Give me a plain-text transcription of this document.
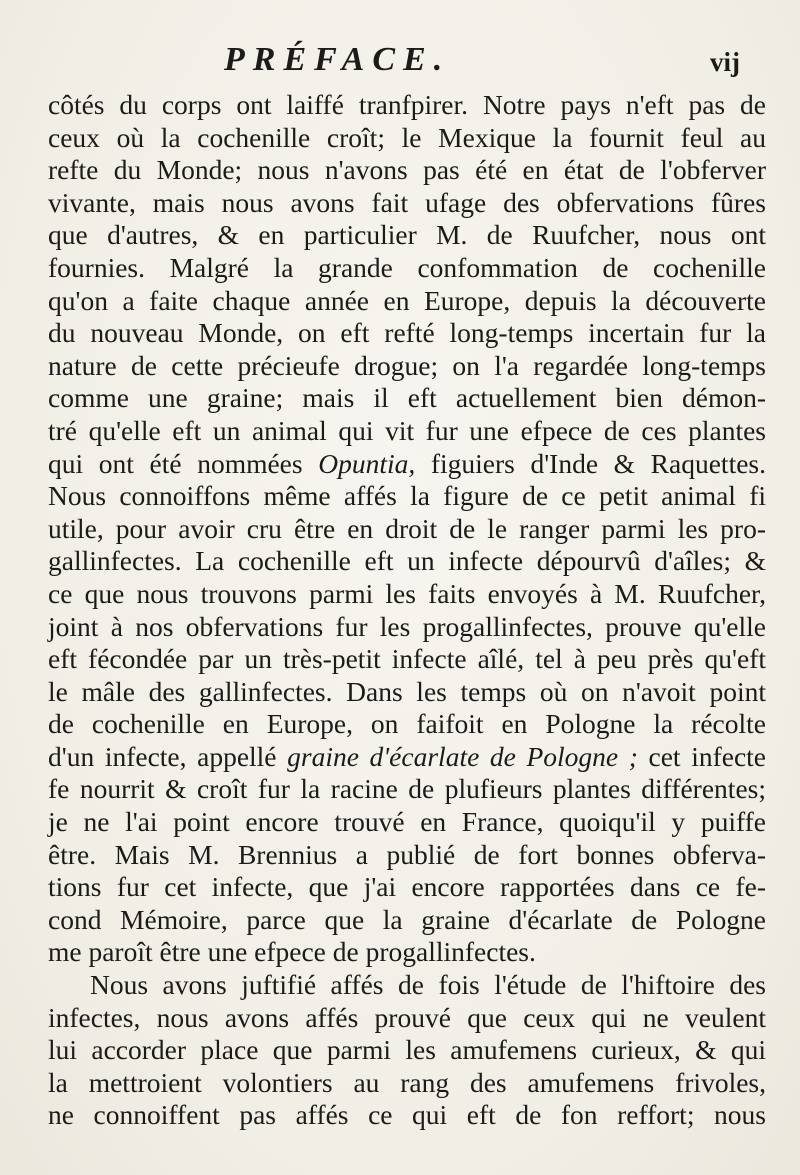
PRÉFACE.	vij
côtés du corps ont laiffé tranfpirer. Notre pays n'eft pas de
ceux où la cochenille croît; le Mexique la fournit feul au
refte du Monde; nous n'avons pas été en état de l'obferver
vivante, mais nous avons fait ufage des obfervations fûres
que d'autres, & en particulier M. de Ruufcher, nous ont
fournies. Malgré la grande confommation de cochenille
qu'on a faite chaque année en Europe, depuis la découverte
du nouveau Monde, on eft refté long-temps incertain fur la
nature de cette précieufe drogue; on l'a regardée long-temps
comme une graine; mais il eft actuellement bien démon-
tré qu'elle eft un animal qui vit fur une efpece de ces plantes
qui ont été nommées Opuntia, figuiers d'Inde & Raquettes.
Nous connoiffons même affés la figure de ce petit animal fi
utile, pour avoir cru être en droit de le ranger parmi les pro-
gallinfectes. La cochenille eft un infecte dépourvû d'aîles; &
ce que nous trouvons parmi les faits envoyés à M. Ruufcher,
joint à nos obfervations fur les progallinfectes, prouve qu'elle
eft fécondée par un très-petit infecte aîlé, tel à peu près qu'eft
le mâle des gallinfectes. Dans les temps où on n'avoit point
de cochenille en Europe, on faifoit en Pologne la récolte
d'un infecte, appellé graine d'écarlate de Pologne ; cet infecte
fe nourrit & croît fur la racine de plufieurs plantes différentes;
je ne l'ai point encore trouvé en France, quoiqu'il y puiffe
être. Mais M. Brennius a publié de fort bonnes obferva-
tions fur cet infecte, que j'ai encore rapportées dans ce fe-
cond Mémoire, parce que la graine d'écarlate de Pologne
me paroît être une efpece de progallinfectes.
Nous avons juftifié affés de fois l'étude de l'hiftoire des
infectes, nous avons affés prouvé que ceux qui ne veulent
lui accorder place que parmi les amufemens curieux, & qui
la mettroient volontiers au rang des amufemens frivoles,
ne connoiffent pas affés ce qui eft de fon reffort; nous
